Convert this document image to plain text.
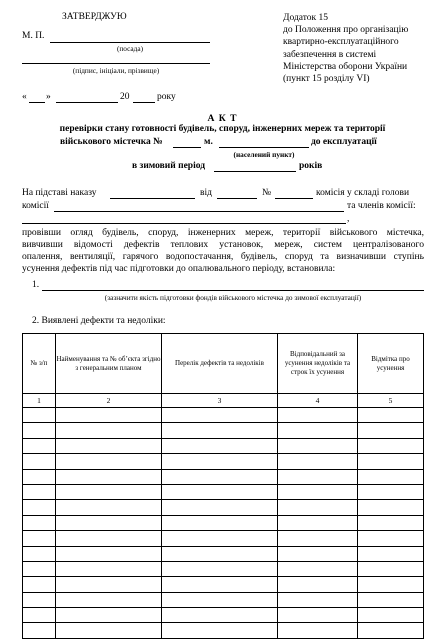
ЗАТВЕРДЖУЮ
М. П.
(посада)
(підпис, ініціали, прізвище)
« »	20	року
Додаток 15
до Положення про організацію
квартирно-експлуатаційного
забезпечення в системі
Міністерства оборони України
(пункт 15 розділу VI)
А К Т
перевірки стану готовності будівель, споруд, інженерних мереж та території
військового містечка №	м.	до експлуатації
(населений пункт)
в зимовий період	років
На підставі наказу	від	№	комісія у складі голови
комісії	та членів комісії:
,
провівши огляд будівель, споруд, інженерних мереж, території військового містечка,
вивчивши відомості дефектів теплових установок, мереж, систем централізованого
опалення, вентиляції, гарячого водопостачання, будівель, споруд та визначивши ступінь
усунення дефектів під час підготовки до опалювального періоду, встановила:
1.
(зазначити якість підготовки фондів військового містечка до зимової експлуатації)
2. Виявлені дефекти та недоліки:
№ з/п	Найменування та № об’єкта згідно з генеральним планом	Перелік дефектів та недоліків	Відповідальний за усунення недоліків та строк їх усунення	Відмітка про усунення
1	2	3	4	5
